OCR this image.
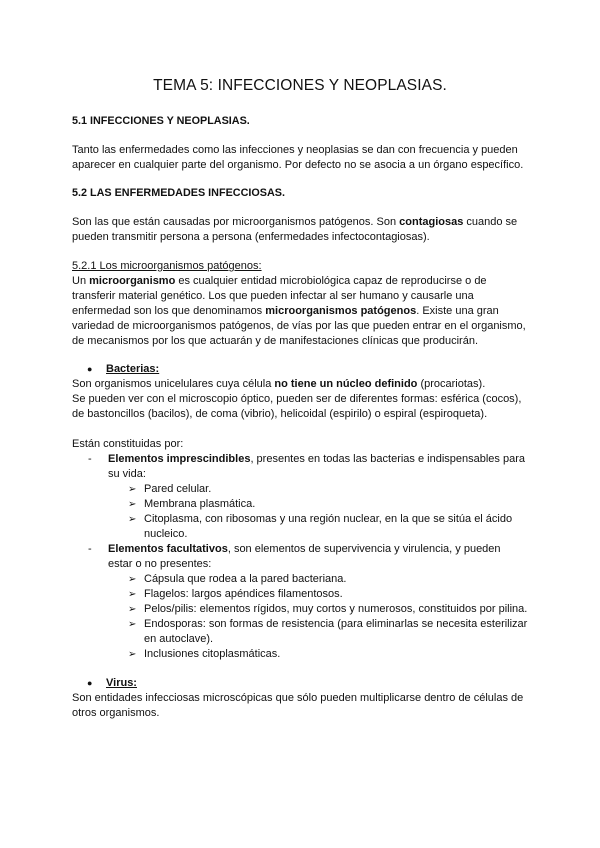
TEMA 5: INFECCIONES Y NEOPLASIAS.
5.1 INFECCIONES Y NEOPLASIAS.

Tanto las enfermedades como las infecciones y neoplasias se dan con frecuencia y pueden aparecer en cualquier parte del organismo. Por defecto no se asocia a un órgano específico.

5.2 LAS ENFERMEDADES INFECCIOSAS.

Son las que están causadas por microorganismos patógenos. Son contagiosas cuando se pueden transmitir persona a persona (enfermedades infectocontagiosas).

5.2.1 Los microorganismos patógenos:

Un microorganismo es cualquier entidad microbiológica capaz de reproducirse o de transferir material genético. Los que pueden infectar al ser humano y causarle una enfermedad son los que denominamos microorganismos patógenos. Existe una gran variedad de microorganismos patógenos, de vías por las que pueden entrar en el organismo, de mecanismos por los que actuarán y de manifestaciones clínicas que producirán.

●	Bacterias:

Son organismos unicelulares cuya célula no tiene un núcleo definido (procariotas).

Se pueden ver con el microscopio óptico, pueden ser de diferentes formas: esférica (cocos), de bastoncillos (bacilos), de coma (vibrio), helicoidal (espirilo) o espiral (espiroqueta).

Están constituidas por:

-	Elementos imprescindibles, presentes en todas las bacterias e indispensables para su vida:
➢ Pared celular.
➢ Membrana plasmática.
➢ Citoplasma, con ribosomas y una región nuclear, en la que se sitúa el ácido nucleico.
-	Elementos facultativos, son elementos de supervivencia y virulencia, y pueden estar o no presentes:
➢ Cápsula que rodea a la pared bacteriana.
➢ Flagelos: largos apéndices filamentosos.
➢ Pelos/pilis: elementos rígidos, muy cortos y numerosos, constituidos por pilina.
➢ Endosporas: son formas de resistencia (para eliminarlas se necesita esterilizar en autoclave).
➢ Inclusiones citoplasmáticas.
●	Virus:

Son entidades infecciosas microscópicas que sólo pueden multiplicarse dentro de células de otros organismos.
